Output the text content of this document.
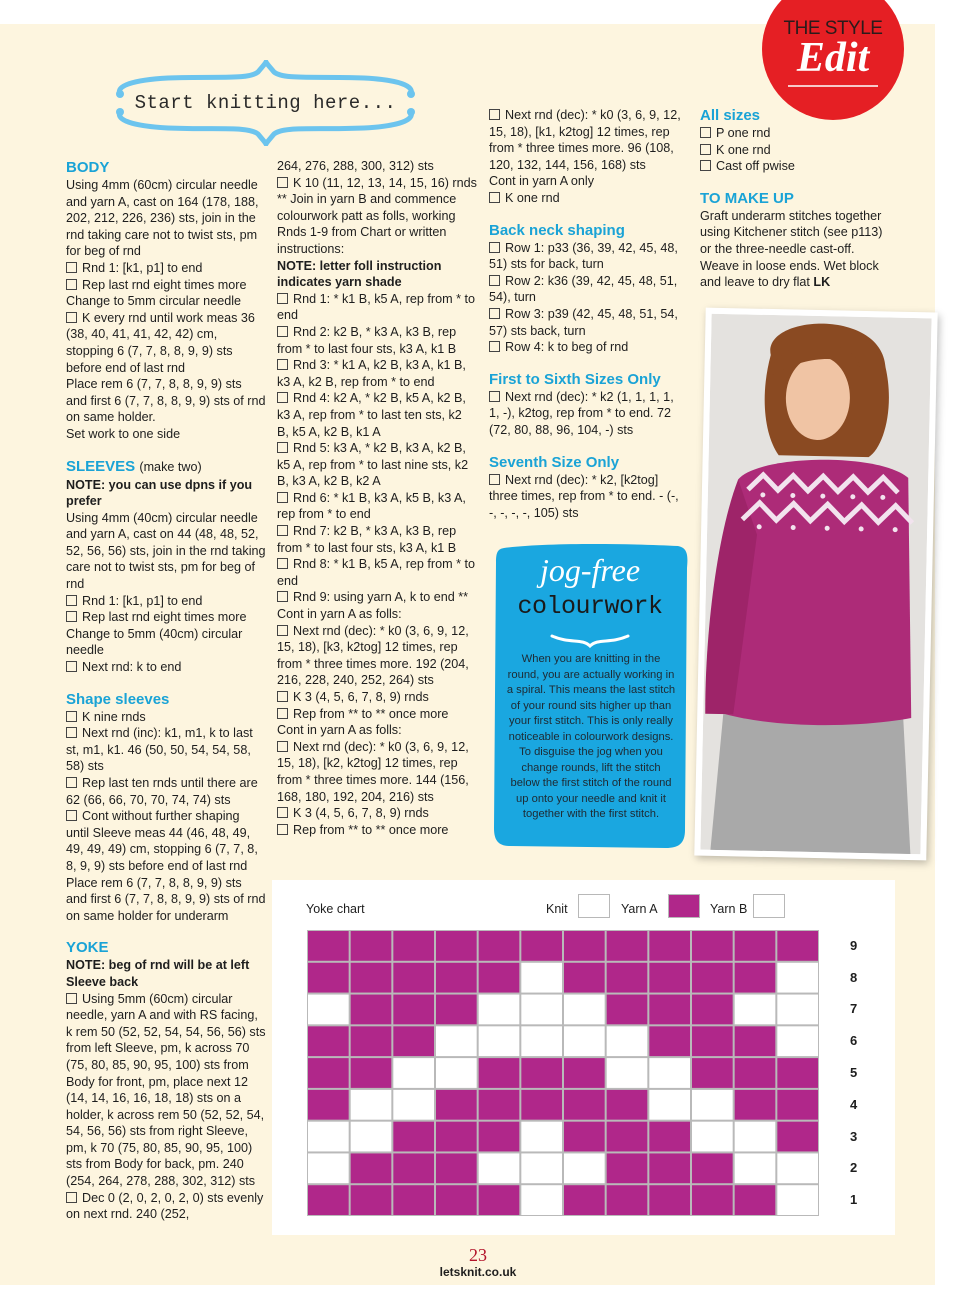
THE STYLE
Edit
Start knitting here...

BODY

Using 4mm (60cm) circular needle and yarn A, cast on 164 (178, 188, 202, 212, 226, 236) sts, join in the rnd taking care not to twist sts, pm for beg of rnd

Rnd 1: [k1, p1] to end

Rep last rnd eight times more

Change to 5mm circular needle

K every rnd until work meas 36 (38, 40, 41, 41, 42, 42) cm, stopping 6 (7, 7, 8, 8, 9, 9) sts before end of last rnd

Place rem 6 (7, 7, 8, 8, 9, 9) sts and first 6 (7, 7, 8, 8, 9, 9) sts of rnd on same holder.

Set work to one side

SLEEVES (make two)

NOTE: you can use dpns if you prefer

Using 4mm (40cm) circular needle and yarn A, cast on 44 (48, 48, 52, 52, 56, 56) sts, join in the rnd taking care not to twist sts, pm for beg of rnd

Rnd 1: [k1, p1] to end

Rep last rnd eight times more

Change to 5mm (40cm) circular needle

Next rnd: k to end

Shape sleeves

K nine rnds

Next rnd (inc): k1, m1, k to last st, m1, k1. 46 (50, 50, 54, 54, 58, 58) sts

Rep last ten rnds until there are 62 (66, 66, 70, 70, 74, 74) sts

Cont without further shaping until Sleeve meas 44 (46, 48, 49, 49, 49, 49) cm, stopping 6 (7, 7, 8, 8, 9, 9) sts before end of last rnd

Place rem 6 (7, 7, 8, 8, 9, 9) sts and first 6 (7, 7, 8, 8, 9, 9) sts of rnd on same holder for underarm

YOKE

NOTE: beg of rnd will be at left Sleeve back

Using 5mm (60cm) circular needle, yarn A and with RS facing, k rem 50 (52, 52, 54, 54, 56, 56) sts from left Sleeve, pm, k across 70 (75, 80, 85, 90, 95, 100) sts from Body for front, pm, place next 12 (14, 14, 16, 16, 18, 18) sts on a holder, k across rem 50 (52, 52, 54, 54, 56, 56) sts from right Sleeve, pm, k 70 (75, 80, 85, 90, 95, 100) sts from Body for back, pm. 240 (254, 264, 278, 288, 302, 312) sts

Dec 0 (2, 0, 2, 0, 2, 0) sts evenly on next rnd. 240 (252,

264, 276, 288, 300, 312) sts

K 10 (11, 12, 13, 14, 15, 16) rnds

** Join in yarn B and commence colourwork patt as folls, working Rnds 1-9 from Chart or written instructions:

NOTE: letter foll instruction indicates yarn shade

Rnd 1: * k1 B, k5 A, rep from * to end

Rnd 2: k2 B, * k3 A, k3 B, rep from * to last four sts, k3 A, k1 B

Rnd 3: * k1 A, k2 B, k3 A, k1 B, k3 A, k2 B, rep from * to end

Rnd 4: k2 A, * k2 B, k5 A, k2 B, k3 A, rep from * to last ten sts, k2 B, k5 A, k2 B, k1 A

Rnd 5: k3 A, * k2 B, k3 A, k2 B, k5 A, rep from * to last nine sts, k2 B, k3 A, k2 B, k2 A

Rnd 6: * k1 B, k3 A, k5 B, k3 A, rep from * to end

Rnd 7: k2 B, * k3 A, k3 B, rep from * to last four sts, k3 A, k1 B

Rnd 8: * k1 B, k5 A, rep from * to end

Rnd 9: using yarn A, k to end **

Cont in yarn A as folls:

Next rnd (dec): * k0 (3, 6, 9, 12, 15, 18), [k3, k2tog] 12 times, rep from * three times more. 192 (204, 216, 228, 240, 252, 264) sts

K 3 (4, 5, 6, 7, 8, 9) rnds

Rep from ** to ** once more

Cont in yarn A as folls:

Next rnd (dec): * k0 (3, 6, 9, 12, 15, 18), [k2, k2tog] 12 times, rep from * three times more. 144 (156, 168, 180, 192, 204, 216) sts

K 3 (4, 5, 6, 7, 8, 9) rnds

Rep from ** to ** once more

Next rnd (dec): * k0 (3, 6, 9, 12, 15, 18), [k1, k2tog] 12 times, rep from * three times more. 96 (108, 120, 132, 144, 156, 168) sts

Cont in yarn A only

K one rnd

Back neck shaping

Row 1: p33 (36, 39, 42, 45, 48, 51) sts for back, turn

Row 2: k36 (39, 42, 45, 48, 51, 54), turn

Row 3: p39 (42, 45, 48, 51, 54, 57) sts back, turn

Row 4: k to beg of rnd

First to Sixth Sizes Only

Next rnd (dec): * k2 (1, 1, 1, 1, 1, -), k2tog, rep from * to end. 72 (72, 80, 88, 96, 104, -) sts

Seventh Size Only

Next rnd (dec): * k2, [k2tog] three times, rep from * to end. - (-, -, -, -, -, 105) sts

All sizes

P one rnd

K one rnd

Cast off pwise

TO MAKE UP

Graft underarm stitches together using Kitchener stitch (see p113) or the three-needle cast-off. Weave in loose ends. Wet block and leave to dry flat LK

jog-free
colourwork
When you are knitting in the round, you are actually working in a spiral. This means the last stitch of your round sits higher up than your first stitch. This is only really noticeable in colourwork designs. To disguise the jog when you change rounds, lift the stitch below the first stitch of the round up onto your needle and knit it together with the first stitch.
Yoke chart	Knit	Yarn A	Yarn B
9
8
7
6
5
4
3
2
1
23
letsknit.co.uk
